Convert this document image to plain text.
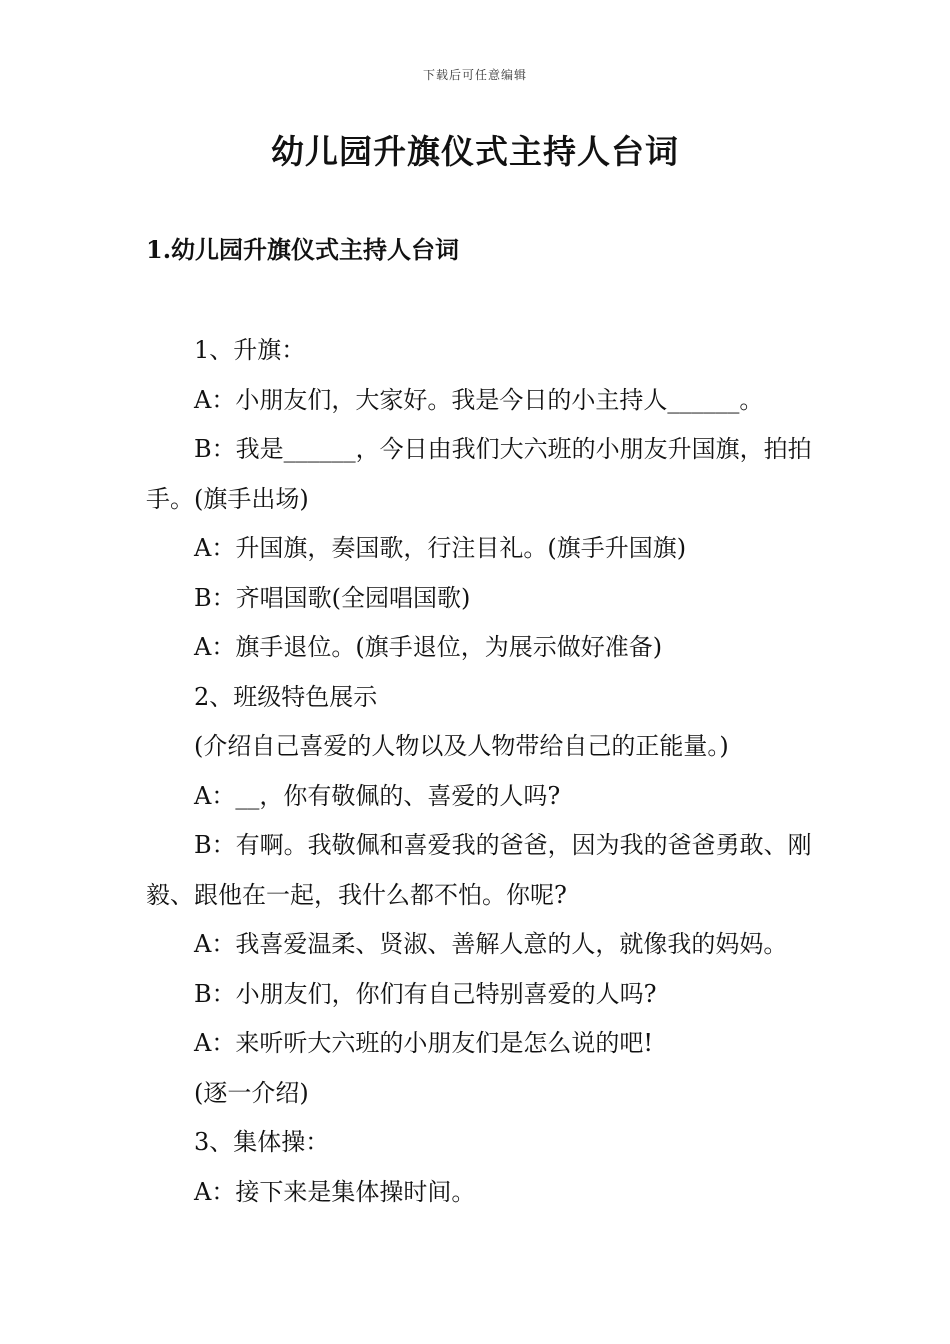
下载后可任意编辑
幼儿园升旗仪式主持人台词
1.幼儿园升旗仪式主持人台词

1、升旗：

A：小朋友们，大家好。我是今日的小主持人______。

B：我是______，今日由我们大六班的小朋友升国旗，拍拍手。(旗手出场)

A：升国旗，奏国歌，行注目礼。(旗手升国旗)

B：齐唱国歌(全园唱国歌)

A：旗手退位。(旗手退位，为展示做好准备)

2、班级特色展示

(介绍自己喜爱的人物以及人物带给自己的正能量。)

A：__，你有敬佩的、喜爱的人吗?

B：有啊。我敬佩和喜爱我的爸爸，因为我的爸爸勇敢、刚毅、跟他在一起，我什么都不怕。你呢?

A：我喜爱温柔、贤淑、善解人意的人，就像我的妈妈。

B：小朋友们，你们有自己特别喜爱的人吗?

A：来听听大六班的小朋友们是怎么说的吧!

(逐一介绍)

3、集体操：

A：接下来是集体操时间。
